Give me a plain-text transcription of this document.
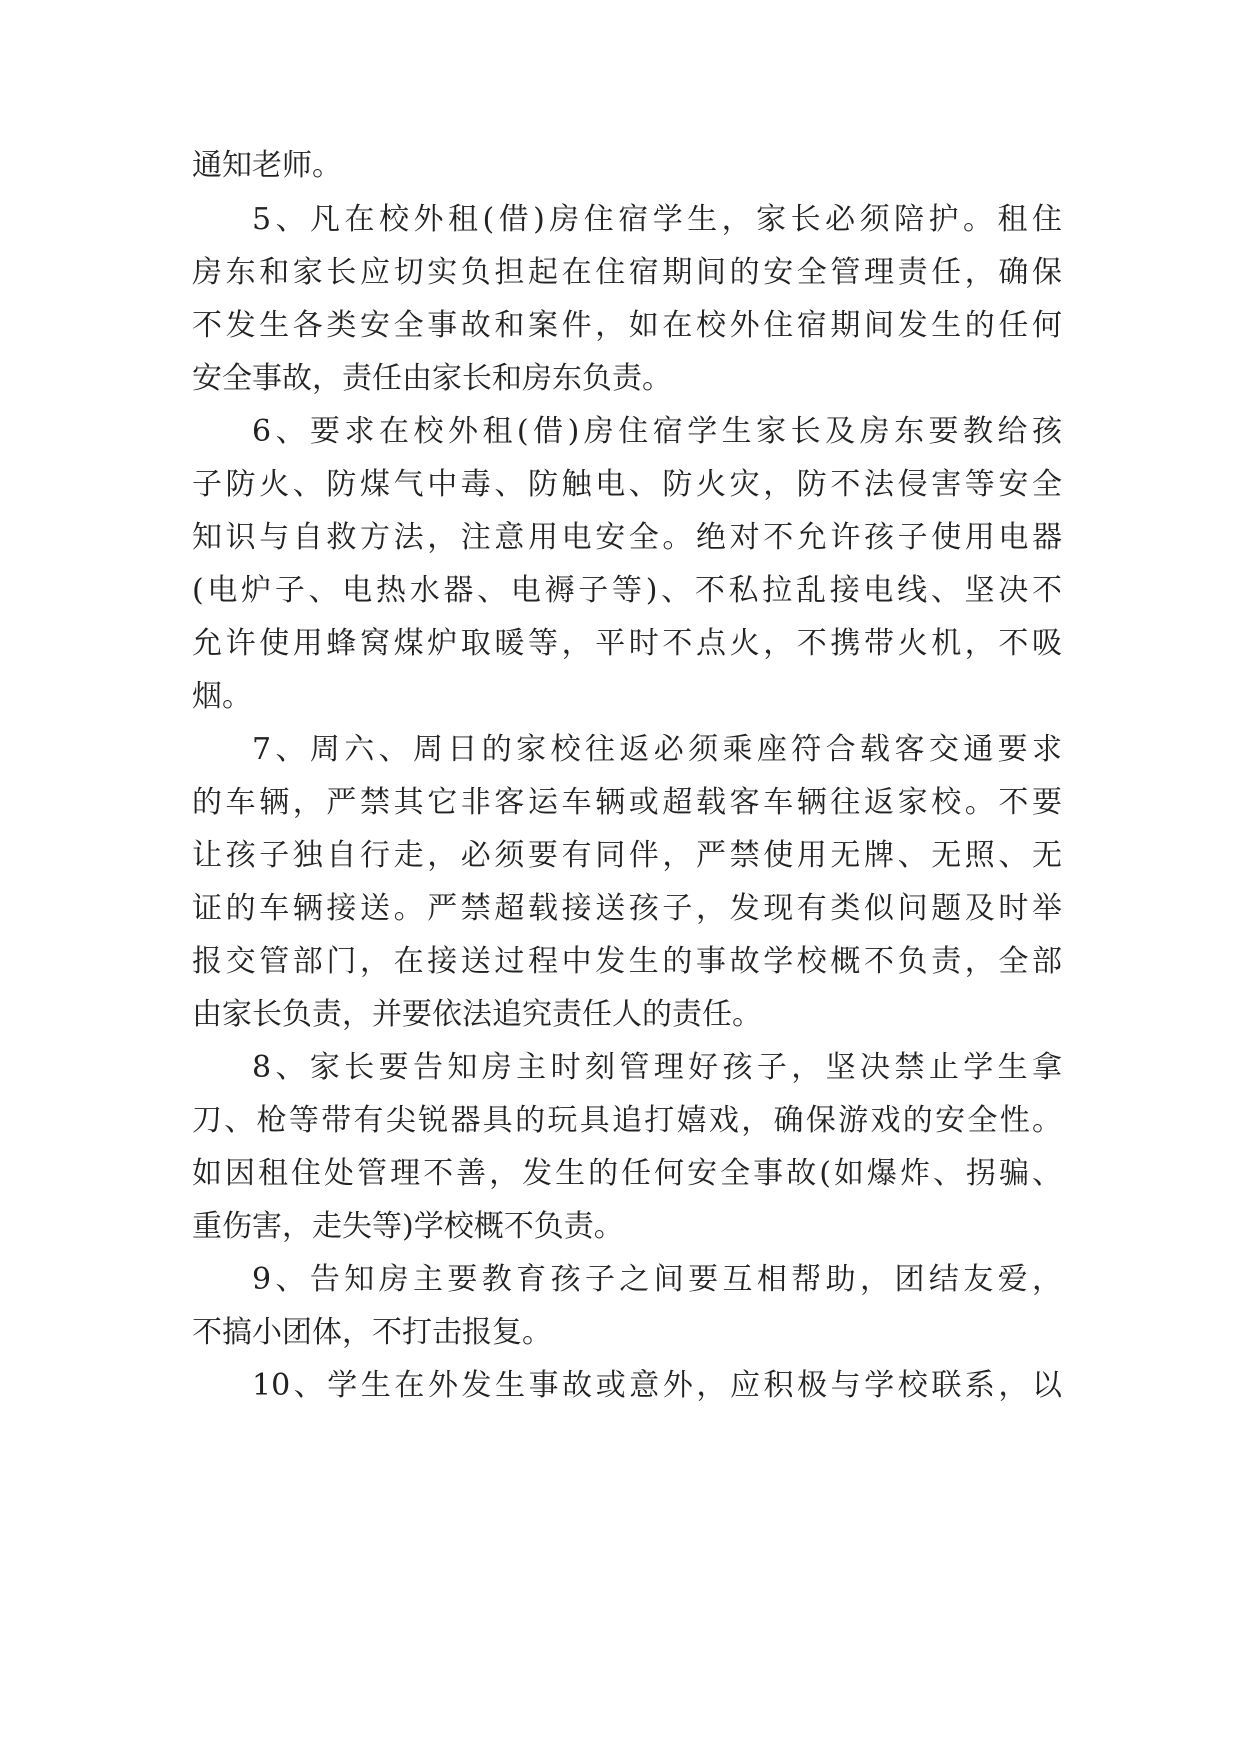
通知老师。
5、凡在校外租(借)房住宿学生，家长必须陪护。租住
房东和家长应切实负担起在住宿期间的安全管理责任，确保
不发生各类安全事故和案件，如在校外住宿期间发生的任何
安全事故，责任由家长和房东负责。
6、要求在校外租(借)房住宿学生家长及房东要教给孩
子防火、防煤气中毒、防触电、防火灾，防不法侵害等安全
知识与自救方法，注意用电安全。绝对不允许孩子使用电器
(电炉子、电热水器、电褥子等)、不私拉乱接电线、坚决不
允许使用蜂窝煤炉取暖等，平时不点火，不携带火机，不吸
烟。
7、周六、周日的家校往返必须乘座符合载客交通要求
的车辆，严禁其它非客运车辆或超载客车辆往返家校。不要
让孩子独自行走，必须要有同伴，严禁使用无牌、无照、无
证的车辆接送。严禁超载接送孩子，发现有类似问题及时举
报交管部门，在接送过程中发生的事故学校概不负责，全部
由家长负责，并要依法追究责任人的责任。
8、家长要告知房主时刻管理好孩子，坚决禁止学生拿
刀、枪等带有尖锐器具的玩具追打嬉戏，确保游戏的安全性。
如因租住处管理不善，发生的任何安全事故(如爆炸、拐骗、
重伤害，走失等)学校概不负责。
9、告知房主要教育孩子之间要互相帮助，团结友爱，
不搞小团体，不打击报复。
10、学生在外发生事故或意外，应积极与学校联系，以
